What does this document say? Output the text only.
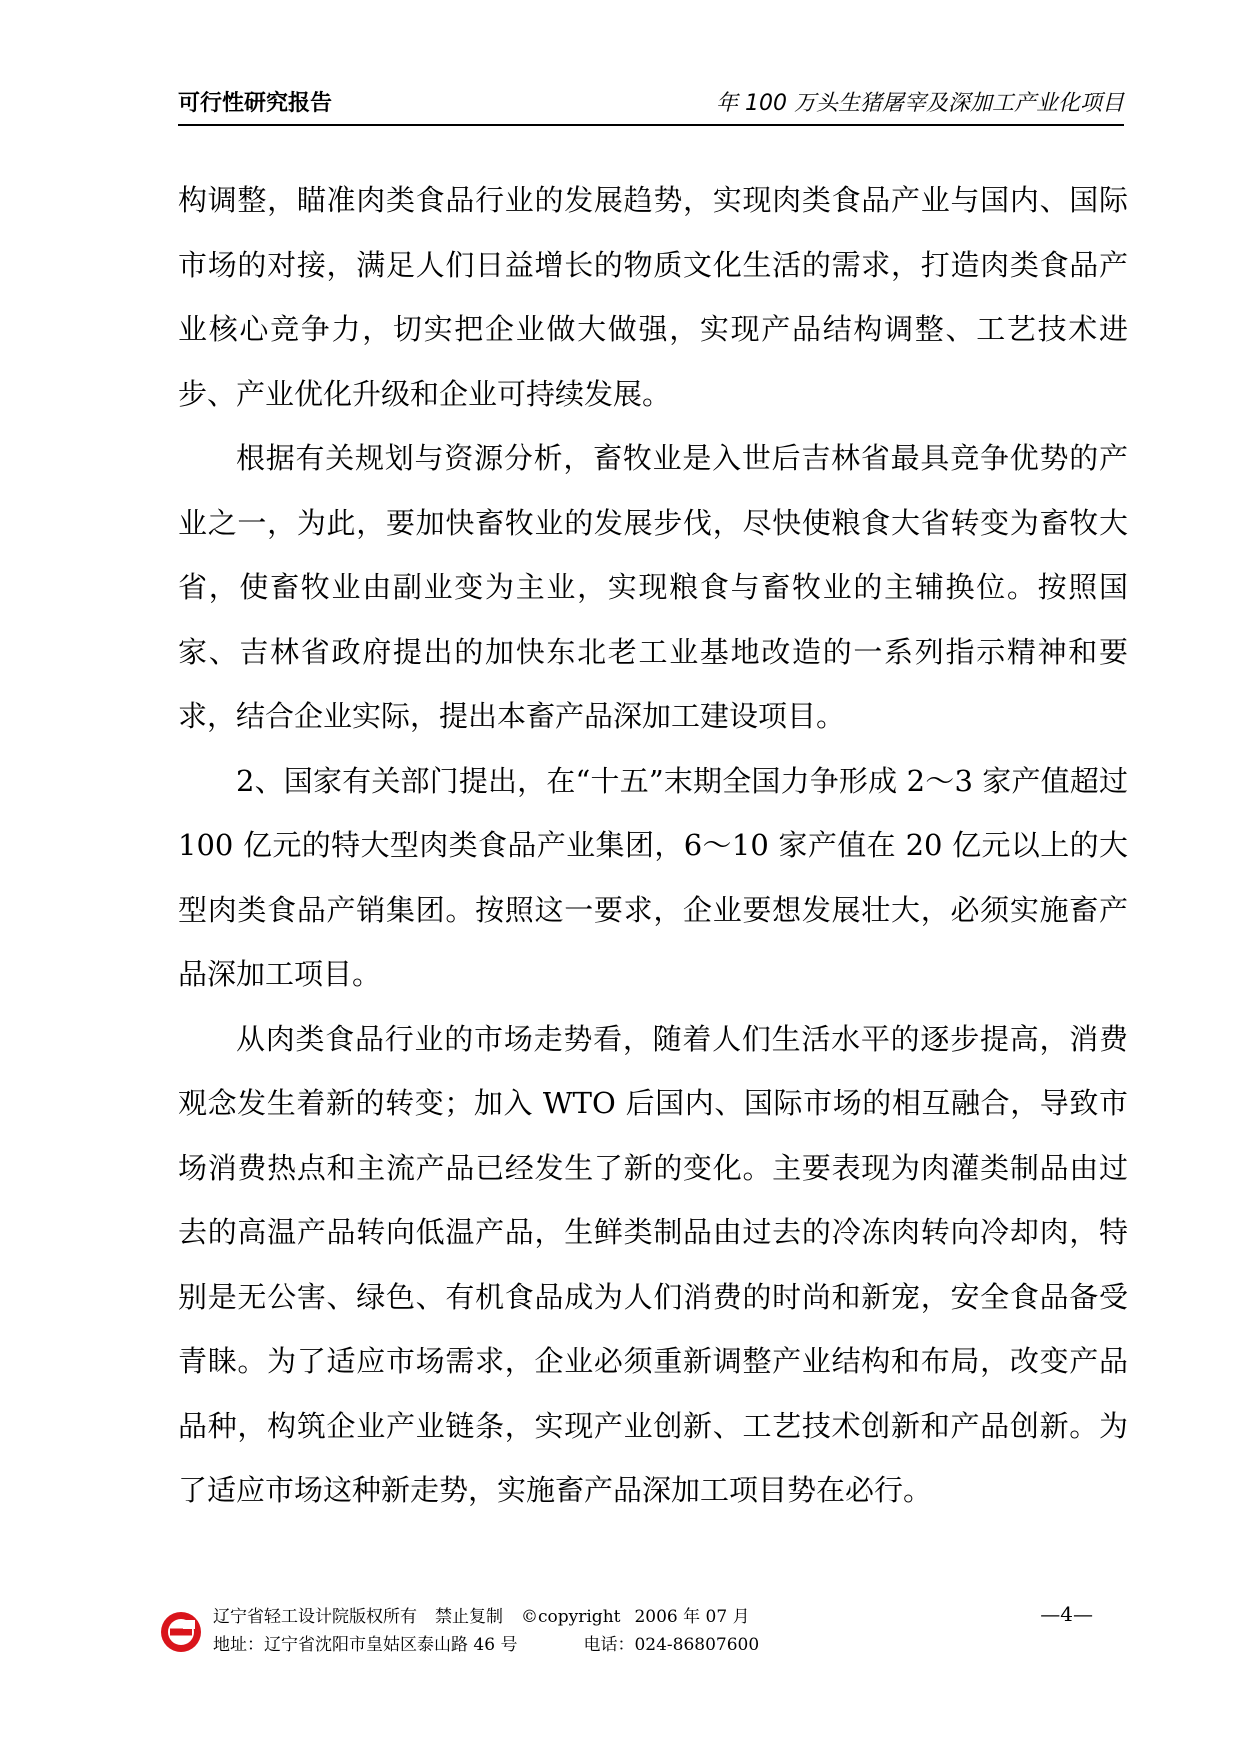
可行性研究报告	年 100 万头生猪屠宰及深加工产业化项目

构调整，瞄准肉类食品行业的发展趋势，实现肉类食品产业与国内、国际市场的对接，满足人们日益增长的物质文化生活的需求，打造肉类食品产业核心竞争力，切实把企业做大做强，实现产品结构调整、工艺技术进步、产业优化升级和企业可持续发展。

根据有关规划与资源分析，畜牧业是入世后吉林省最具竞争优势的产业之一，为此，要加快畜牧业的发展步伐，尽快使粮食大省转变为畜牧大省，使畜牧业由副业变为主业，实现粮食与畜牧业的主辅换位。按照国家、吉林省政府提出的加快东北老工业基地改造的一系列指示精神和要求，结合企业实际，提出本畜产品深加工建设项目。

2、国家有关部门提出，在“十五”末期全国力争形成 2～3 家产值超过 100 亿元的特大型肉类食品产业集团，6～10 家产值在 20 亿元以上的大型肉类食品产销集团。按照这一要求，企业要想发展壮大，必须实施畜产品深加工项目。

从肉类食品行业的市场走势看，随着人们生活水平的逐步提高，消费观念发生着新的转变；加入 WTO 后国内、国际市场的相互融合，导致市场消费热点和主流产品已经发生了新的变化。主要表现为肉灌类制品由过去的高温产品转向低温产品，生鲜类制品由过去的冷冻肉转向冷却肉，特别是无公害、绿色、有机食品成为人们消费的时尚和新宠，安全食品备受青睐。为了适应市场需求，企业必须重新调整产业结构和布局，改变产品品种，构筑企业产业链条，实现产业创新、工艺技术创新和产品创新。为了适应市场这种新走势，实施畜产品深加工项目势在必行。

辽宁省轻工设计院版权所有 禁止复制 ©copyright 2006 年 07 月
地址：辽宁省沈阳市皇姑区泰山路 46 号	电话：024-86807600
—4—
